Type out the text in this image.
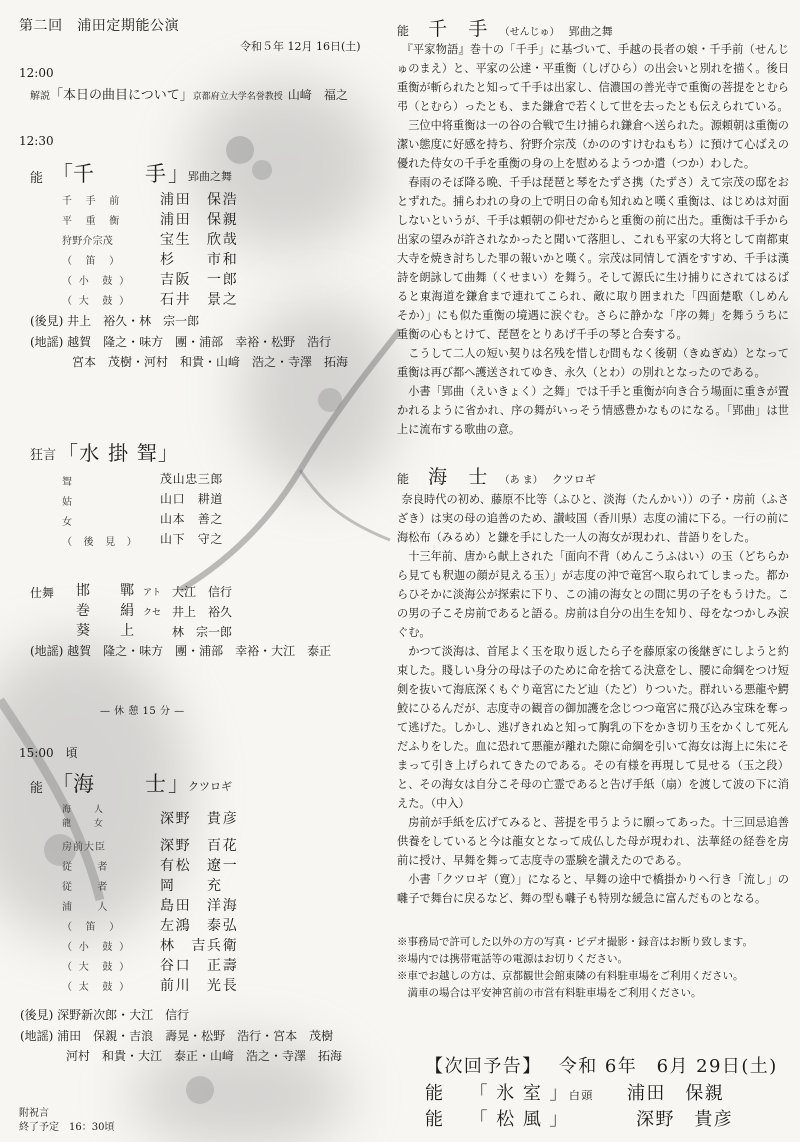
第二回　浦田定期能公演
令和５年 12月 16日(土)
12:00
解説「本日の曲目について」京都府立大学名誉教授 山﨑　福之
12:30
能 「 千 手 」 郢曲之舞
千　手　前	浦田　保浩
平　重　衡	浦田　保親
狩野介宗茂	宝生　欣哉
（　笛　）	杉　　市和
（ 小　鼓 ） 吉阪　一郎
（ 大　鼓 ） 石井　景之
(後見) 井上　裕久・林　宗一郎
(地謡) 越賀　隆之・味方　團・浦部　幸裕・松野　浩行
宮本　茂樹・河村　和貴・山﨑　浩之・寺澤　拓海
狂言 「水 掛 聟」
聟	茂山忠三郎
姑	山口　耕道
女	山本　善之
（　後　見　） 山下　守之
仕舞 邯　　鄲 アト 大江　信行
巻　　絹 クセ 井上　裕久
葵　　上	林　宗一郎
(地謡) 越賀　隆之・味方　團・浦部　幸裕・大江　泰正
— 休 憩 15 分 —
15:00　頃
能 「 海 士 」 クツロギ
海　　人
龍　　女	深野　貴彦
房前大臣	深野　百花
従　　者	有松　遼一
従　　者	岡　　充
浦　　人	島田　洋海
（　笛　）	左鴻　泰弘
（ 小　鼓 ） 林　吉兵衛
（ 大　鼓 ） 谷口　正壽
（ 太　鼓 ） 前川　光長
(後見) 深野新次郎・大江　信行
(地謡) 浦田　保親・吉浪　壽晃・松野　浩行・宮本　茂樹
河村　和貴・大江　泰正・山﨑　浩之・寺澤　拓海
附祝言
終了予定　16：30頃
能 千　手 （せんじゅ） 郢曲之舞

『平家物語』巻十の「千手」に基づいて、手越の長者の娘・千手前（せんじゅのまえ）と、平家の公達・平重衡（しげひら）の出会いと別れを描く。後日重衡が斬られたと知って千手は出家し、信濃国の善光寺で重衡の菩提をとむら弔（とむら）ったとも、また鎌倉で若くして世を去ったとも伝えられている。

三位中将重衡は一の谷の合戦で生け捕られ鎌倉へ送られた。源頼朝は重衡の潔い態度に好感を持ち、狩野介宗茂（かののすけむねもち）に預けて心ばえの優れた侍女の千手を重衡の身の上を慰めるようつか遣（つか）わした。

春雨のそぼ降る晩、千手は琵琶と琴をたずさ携（たずさ）えて宗茂の邸をおとずれた。捕らわれの身の上で明日の命も知れぬと嘆く重衡は、はじめは対面しないというが、千手は頼朝の仰せだからと重衡の前に出た。重衡は千手から出家の望みが許されなかったと聞いて落胆し、これも平家の大将として南都東大寺を焼き討ちした罪の報いかと嘆く。宗茂は同情して酒をすすめ、千手は漢詩を朗詠して曲舞（くせまい）を舞う。そして源氏に生け捕りにされてはるばると東海道を鎌倉まで連れてこられ、敵に取り囲まれた「四面楚歌（しめんそか）」にも似た重衡の境遇に涙ぐむ。さらに静かな「序の舞」を舞ううちに重衡の心もとけて、琵琶をとりあげ千手の琴と合奏する。

こうして二人の短い契りは名残を惜しむ間もなく後朝（きぬぎぬ）となって重衡は再び都へ護送されてゆき、永久（とわ）の別れとなったのである。

小書「郢曲（えいきょく）之舞」では千手と重衡が向き合う場面に重きが置かれるように省かれ、序の舞がいっそう情感豊かなものになる。「郢曲」は世上に流布する歌曲の意。

能 海　士 （あ ま） クツロギ

奈良時代の初め、藤原不比等（ふひと、淡海（たんかい））の子・房前（ふさざき）は実の母の追善のため、讃岐国（香川県）志度の浦に下る。一行の前に海松布（みるめ）と鎌を手にした一人の海女が現われ、昔語りをした。

十三年前、唐から献上された「面向不背（めんこうふはい）の玉（どちらから見ても釈迦の顔が見える玉）」が志度の沖で竜宮へ取られてしまった。都からひそかに淡海公が探索に下り、この浦の海女との間に男の子をもうけた。この男の子こそ房前であると語る。房前は自分の出生を知り、母をなつかしみ涙ぐむ。

かつて淡海は、首尾よく玉を取り返したら子を藤原家の後継ぎにしようと約束した。賤しい身分の母は子のために命を捨てる決意をし、腰に命綱をつけ短剣を抜いて海底深くもぐり竜宮にたど辿（たど）りついた。群れいる悪龍や鰐鮫にひるんだが、志度寺の観音の御加護を念じつつ竜宮に飛び込み宝珠を奪って逃げた。しかし、逃げきれぬと知って胸乳の下をかき切り玉をかくして死んだふりをした。血に恐れて悪龍が離れた隙に命綱を引いて海女は海上に朱にそまって引き上げられてきたのである。その有様を再現して見せる（玉之段）と、その海女は自分こそ母の亡霊であると告げ手紙（扇）を渡して波の下に消えた。（中入）

房前が手紙を広げてみると、菩提を弔うように願ってあった。十三回忌追善供養をしていると今は龍女となって成仏した母が現われ、法華経の経巻を房前に授け、早舞を舞って志度寺の霊験を讃えたのである。

小書「クツロギ（寛）」になると、早舞の途中で橋掛かりへ行き「流し」の囃子で舞台に戻るなど、舞の型も囃子も特別な緩急に富んだものとなる。

※事務局で許可した以外の方の写真・ビデオ撮影・録音はお断り致します。
※場内では携帯電話等の電源はお切りください。
※車でお越しの方は、京都観世会館東隣の有料駐車場をご利用ください。
　満車の場合は平安神宮前の市営有料駐車場をご利用ください。
【次回予告】 令和 6年　6月 29日(土)
能 「 氷 室 」白頭 浦田　保親
能 「 松 風 」	深野　貴彦
